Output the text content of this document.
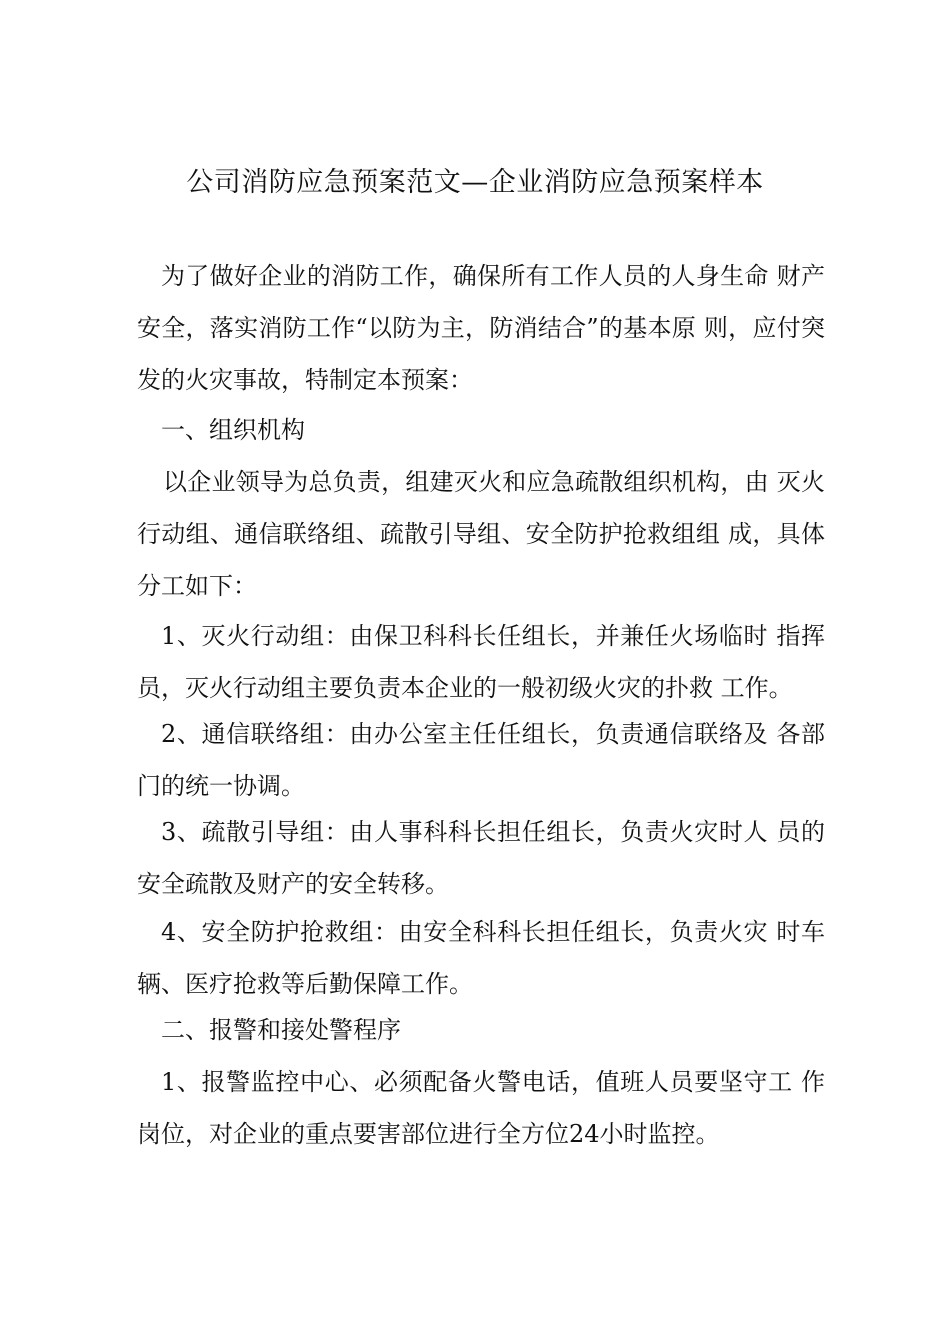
公司消防应急预案范文—企业消防应急预案样本
为了做好企业的消防工作，确保所有工作人员的人身生命 财产安全，落实消防工作“以防为主，防消结合”的基本原 则，应付突发的火灾事故，特制定本预案：
一、组织机构
以企业领导为总负责，组建灭火和应急疏散组织机构，由 灭火行动组、通信联络组、疏散引导组、安全防护抢救组组 成，具体分工如下：
1、灭火行动组：由保卫科科长任组长，并兼任火场临时 指挥员，灭火行动组主要负责本企业的一般初级火灾的扑救 工作。
2、通信联络组：由办公室主任任组长，负责通信联络及 各部门的统一协调。
3、疏散引导组：由人事科科长担任组长，负责火灾时人 员的安全疏散及财产的安全转移。
4、安全防护抢救组：由安全科科长担任组长，负责火灾 时车辆、医疗抢救等后勤保障工作。
二、报警和接处警程序
1、报警监控中心、必须配备火警电话，值班人员要坚守工 作岗位，对企业的重点要害部位进行全方位24小时监控。
